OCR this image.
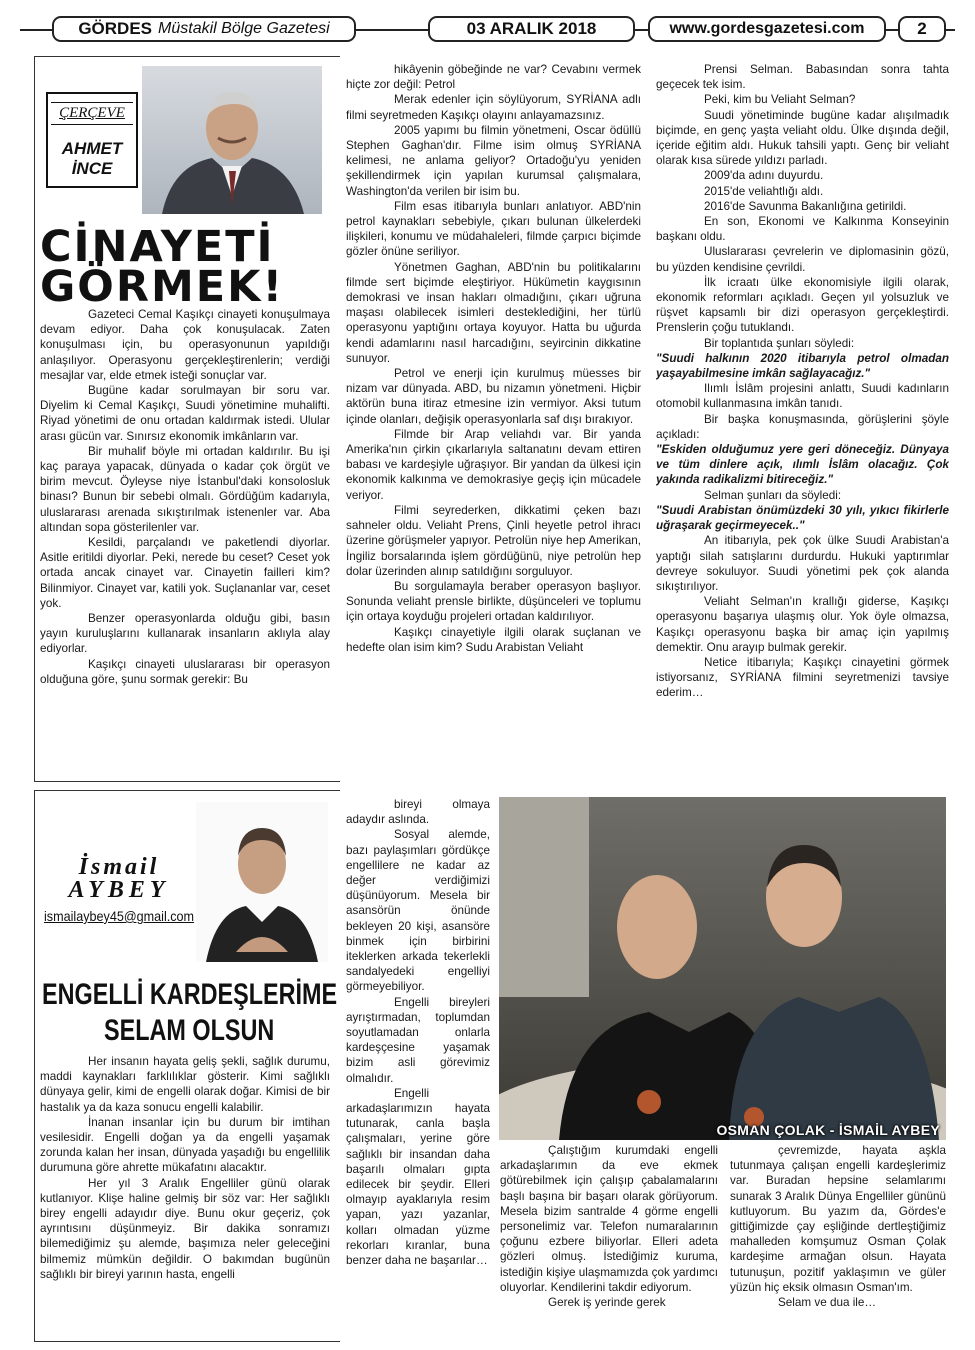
GÖRDES Müstakil Bölge Gazetesi	03 ARALIK 2018	www.gordesgazetesi.com	2
ÇERÇEVE
AHMET
İNCE
CİNAYETİ
GÖRMEK!

Gazeteci Cemal Kaşıkçı cinayeti konuşulmaya devam ediyor. Daha çok konuşulacak. Zaten konuşulması için, bu operasyonunun yapıldığı anlaşılıyor. Operasyonu gerçekleştirenlerin; verdiği mesajlar var, elde etmek isteği sonuçlar var.

Bugüne kadar sorulmayan bir soru var. Diyelim ki Cemal Kaşıkçı, Suudi yönetimine muhalifti. Riyad yönetimi de onu ortadan kaldırmak istedi. Ulular arası gücün var. Sınırsız ekonomik imkânların var.

Bir muhalif böyle mi ortadan kaldırılır. Bu işi kaç paraya yapacak, dünyada o kadar çok örgüt ve birim mevcut. Öyleyse niye İstanbul'daki konsolosluk binası? Bunun bir sebebi olmalı. Gördüğüm kadarıyla, uluslararası arenada sıkıştırılmak istenenler var. Aba altından sopa gösterilenler var.

Kesildi, parçalandı ve paketlendi diyorlar. Asitle eritildi diyorlar. Peki, nerede bu ceset? Ceset yok ortada ancak cinayet var. Cinayetin failleri kim? Bilinmiyor. Cinayet var, katili yok. Suçlananlar var, ceset yok.

Benzer operasyonlarda olduğu gibi, basın yayın kuruluşlarını kullanarak insanların aklıyla alay ediyorlar.

Kaşıkçı cinayeti uluslararası bir operasyon olduğuna göre, şunu sormak gerekir: Bu

hikâyenin göbeğinde ne var? Cevabını vermek hiçte zor değil: Petrol

Merak edenler için söylüyorum, SYRİANA adlı filmi seyretmeden Kaşıkçı olayını anlayamazsınız.

2005 yapımı bu filmin yönetmeni, Oscar ödüllü Stephen Gaghan'dır. Filme isim olmuş SYRİANA kelimesi, ne anlama geliyor? Ortadoğu'yu yeniden şekillendirmek için yapılan kurumsal çalışmalara, Washington'da verilen bir isim bu.

Film esas itibarıyla bunları anlatıyor. ABD'nin petrol kaynakları sebebiyle, çıkarı bulunan ülkelerdeki ilişkileri, konumu ve müdahaleleri, filmde çarpıcı biçimde gözler önüne seriliyor.

Yönetmen Gaghan, ABD'nin bu politikalarını filmde sert biçimde eleştiriyor. Hükümetin kaygısının demokrasi ve insan hakları olmadığını, çıkarı uğruna maşası olabilecek isimleri desteklediğini, her türlü operasyonu yaptığını ortaya koyuyor. Hatta bu uğurda kendi adamlarını nasıl harcadığını, seyircinin dikkatine sunuyor.

Petrol ve enerji için kurulmuş müesses bir nizam var dünyada. ABD, bu nizamın yönetmeni. Hiçbir aktörün buna itiraz etmesine izin vermiyor. Aksi tutum içinde olanları, değişik operasyonlarla saf dışı bırakıyor.

Filmde bir Arap veliahdı var. Bir yanda Amerika'nın çirkin çıkarlarıyla saltanatını devam ettiren babası ve kardeşiyle uğraşıyor. Bir yandan da ülkesi için ekonomik kalkınma ve demokrasiye geçiş için mücadele veriyor.

Filmi seyrederken, dikkatimi çeken bazı sahneler oldu. Veliaht Prens, Çinli heyetle petrol ihracı üzerine görüşmeler yapıyor. Petrolün niye hep Amerikan, İngiliz borsalarında işlem gördüğünü, niye petrolün hep dolar üzerinden alınıp satıldığını sorguluyor.

Bu sorgulamayla beraber operasyon başlıyor. Sonunda veliaht prensle birlikte, düşünceleri ve toplumu için ortaya koyduğu projeleri ortadan kaldırılıyor.

Kaşıkçı cinayetiyle ilgili olarak suçlanan ve hedefte olan isim kim? Sudu Arabistan Veliaht

Prensi Selman. Babasından sonra tahta geçecek tek isim.

Peki, kim bu Veliaht Selman?

Suudi yönetiminde bugüne kadar alışılmadık biçimde, en genç yaşta veliaht oldu. Ülke dışında değil, içeride eğitim aldı. Hukuk tahsili yaptı. Genç bir veliaht olarak kısa sürede yıldızı parladı.

2009'da adını duyurdu.

2015'de veliahtlığı aldı.

2016'de Savunma Bakanlığına getirildi.

En son, Ekonomi ve Kalkınma Konseyinin başkanı oldu.

Uluslararası çevrelerin ve diplomasinin gözü, bu yüzden kendisine çevrildi.

İlk icraatı ülke ekonomisiyle ilgili olarak, ekonomik reformları açıkladı. Geçen yıl yolsuzluk ve rüşvet kapsamlı bir dizi operasyon gerçekleştirdi. Prenslerin çoğu tutuklandı.

Bir toplantıda şunları söyledi:

"Suudi halkının 2020 itibarıyla petrol olmadan yaşayabilmesine imkân sağlayacağız."

Ilımlı İslâm projesini anlattı, Suudi kadınların otomobil kullanmasına imkân tanıdı.

Bir başka konuşmasında, görüşlerini şöyle açıkladı:

"Eskiden olduğumuz yere geri döneceğiz. Dünyaya ve tüm dinlere açık, ılımlı İslâm olacağız. Çok yakında radikalizmi bitireceğiz."

Selman şunları da söyledi:

"Suudi Arabistan önümüzdeki 30 yılı, yıkıcı fikirlerle uğraşarak geçirmeyecek.."

An itibarıyla, pek çok ülke Suudi Arabistan'a yaptığı silah satışlarını durdurdu. Hukuki yaptırımlar devreye sokuluyor. Suudi yönetimi pek çok alanda sıkıştırılıyor.

Veliaht Selman'ın krallığı giderse, Kaşıkçı operasyonu başarıya ulaşmış olur. Yok öyle olmazsa, Kaşıkçı operasyonu başka bir amaç için yapılmış demektir. Onu arayıp bulmak gerekir.

Netice itibarıyla; Kaşıkçı cinayetini görmek istiyorsanız, SYRİANA filmini seyretmenizi tavsiye ederim…

İsmail
AYBEY
ismailaybey45@gmail.com
ENGELLİ KARDEŞLERİME
SELAM OLSUN

Her insanın hayata geliş şekli, sağlık durumu, maddi kaynakları farklılıklar gösterir. Kimi sağlıklı dünyaya gelir, kimi de engelli olarak doğar. Kimisi de bir hastalık ya da kaza sonucu engelli kalabilir.

İnanan insanlar için bu durum bir imtihan vesilesidir. Engelli doğan ya da engelli yaşamak zorunda kalan her insan, dünyada yaşadığı bu engellilik durumuna göre ahrette mükafatını alacaktır.

Her yıl 3 Aralık Engelliler günü olarak kutlanıyor. Klişe haline gelmiş bir söz var: Her sağlıklı birey engelli adayıdır diye. Bunu okur geçeriz, çok ayrıntısını düşünmeyiz. Bir dakika sonramızı bilemediğimiz şu alemde, başımıza neler geleceğini bilmemiz mümkün değildir. O bakımdan bugünün sağlıklı bir bireyi yarının hasta, engelli

bireyi olmaya adaydır aslında.

Sosyal alemde, bazı paylaşımları gördükçe engellilere ne kadar az değer verdiğimizi düşünüyorum. Mesela bir asansörün önünde bekleyen 20 kişi, asansöre binmek için birbirini iteklerken arkada tekerlekli sandalyedeki engelliyi görmeyebiliyor.

Engelli bireyleri ayrıştırmadan, toplumdan soyutlamadan onlarla kardeşçesine yaşamak bizim asli görevimiz olmalıdır.

Engelli arkadaşlarımızın hayata tutunarak, canla başla çalışmaları, yerine göre sağlıklı bir insandan daha başarılı olmaları gıpta edilecek bir şeydir. Elleri olmayıp ayaklarıyla resim yapan, yazı yazanlar, kolları olmadan yüzme rekorları kıranlar, buna benzer daha ne başarılar…

OSMAN ÇOLAK - İSMAİL AYBEY

Çalıştığım kurumdaki engelli arkadaşlarımın da eve ekmek götürebilmek için çalışıp çabalamalarını başlı başına bir başarı olarak görüyorum. Mesela bizim santralde 4 görme engelli personelimiz var. Telefon numaralarının çoğunu ezbere biliyorlar. Elleri adeta gözleri olmuş. İstediğimiz kuruma, istediğin kişiye ulaşmamızda çok yardımcı oluyorlar. Kendilerini takdir ediyorum.

Gerek iş yerinde gerek

çevremizde, hayata aşkla tutunmaya çalışan engelli kardeşlerimiz var. Buradan hepsine selamlarımı sunarak 3 Aralık Dünya Engelliler gününü kutluyorum. Bu yazım da, Gördes'e gittiğimizde çay eşliğinde dertleştiğimiz mahalleden komşumuz Osman Çolak kardeşime armağan olsun. Hayata tutunuşun, pozitif yaklaşımın ve güler yüzün hiç eksik olmasın Osman'ım.

Selam ve dua ile…
